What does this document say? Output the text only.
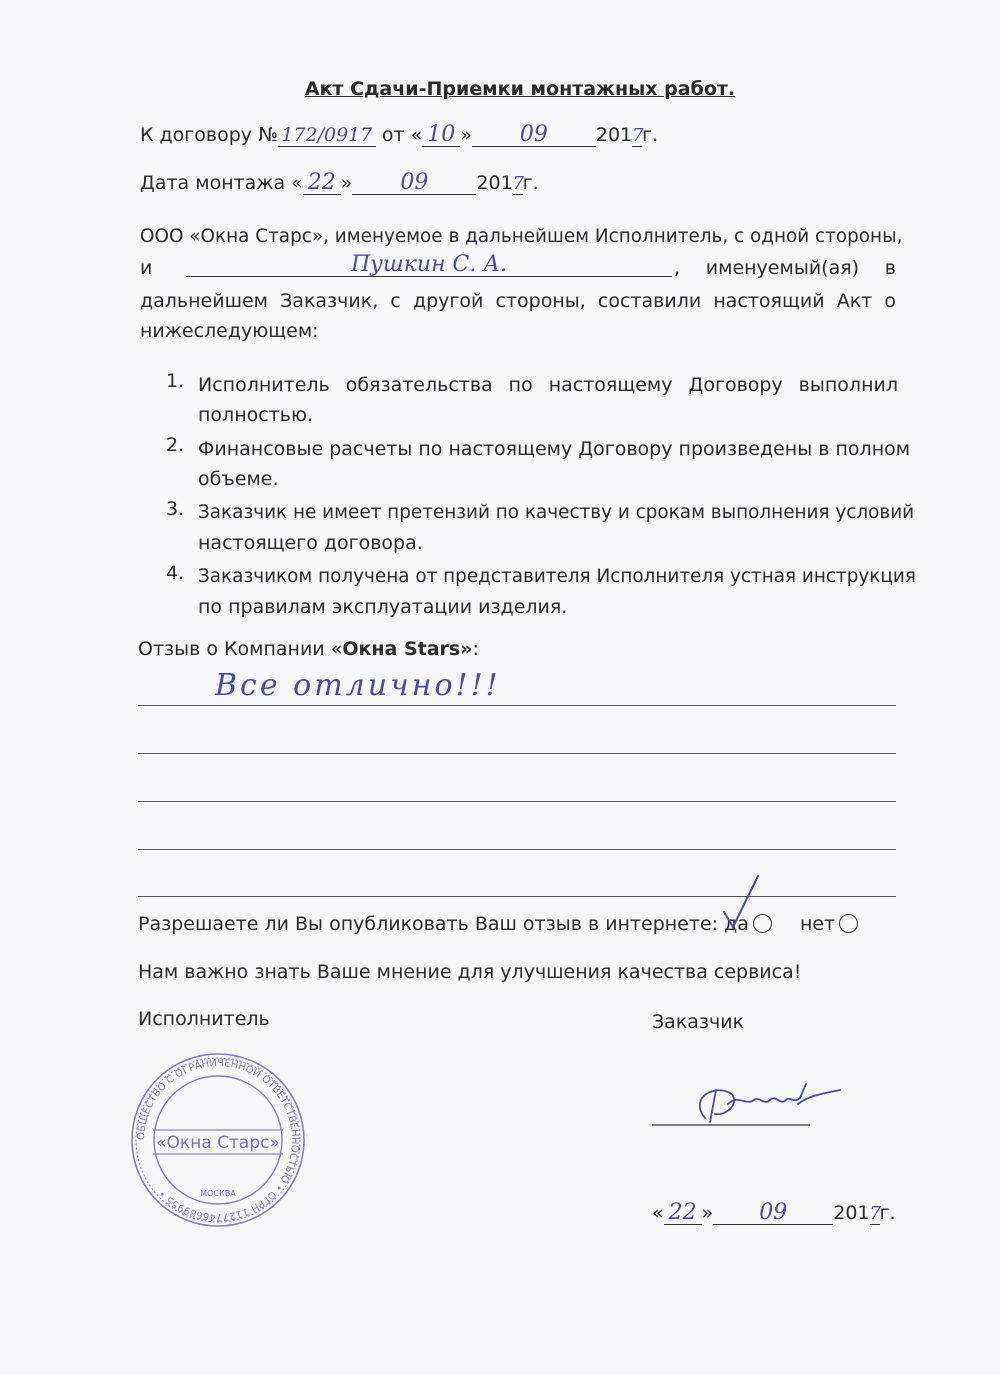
Акт Сдачи-Приемки монтажных работ.
К договору № 172/0917 от « 10 » 09	2017г.
Дата монтажа « 22 » 09	2017г.
ООО «Окна Старс», именуемое в дальнейшем Исполнитель, с одной стороны,
и	Пушкин С. А.	, именуемый(ая) в
дальнейшем Заказчик, с другой стороны, составили настоящий Акт о
нижеследующем:
1. Исполнитель обязательства по настоящему Договору выполнил
полностью.
2. Финансовые расчеты по настоящему Договору произведены в полном
объеме.
3. Заказчик не имеет претензий по качеству и срокам выполнения условий
настоящего договора.
4. Заказчиком получена от представителя Исполнителя устная инструкция
по правилам эксплуатации изделия.
Отзыв о Компании «Окна Stars»:
Все отлично!!!
Разрешаете ли Вы опубликовать Ваш отзыв в интернете: да	нет
Нам важно знать Ваше мнение для улучшения качества сервиса!
Исполнитель	Заказчик
ОБЩЕСТВО С ОГРАНИЧЕННОЙ ОТВЕТСТВЕННОСТЬЮ • ОГРН 1127746689955 •
«Окна Старс»
МОСКВА
« 22 » 09 2017г.
